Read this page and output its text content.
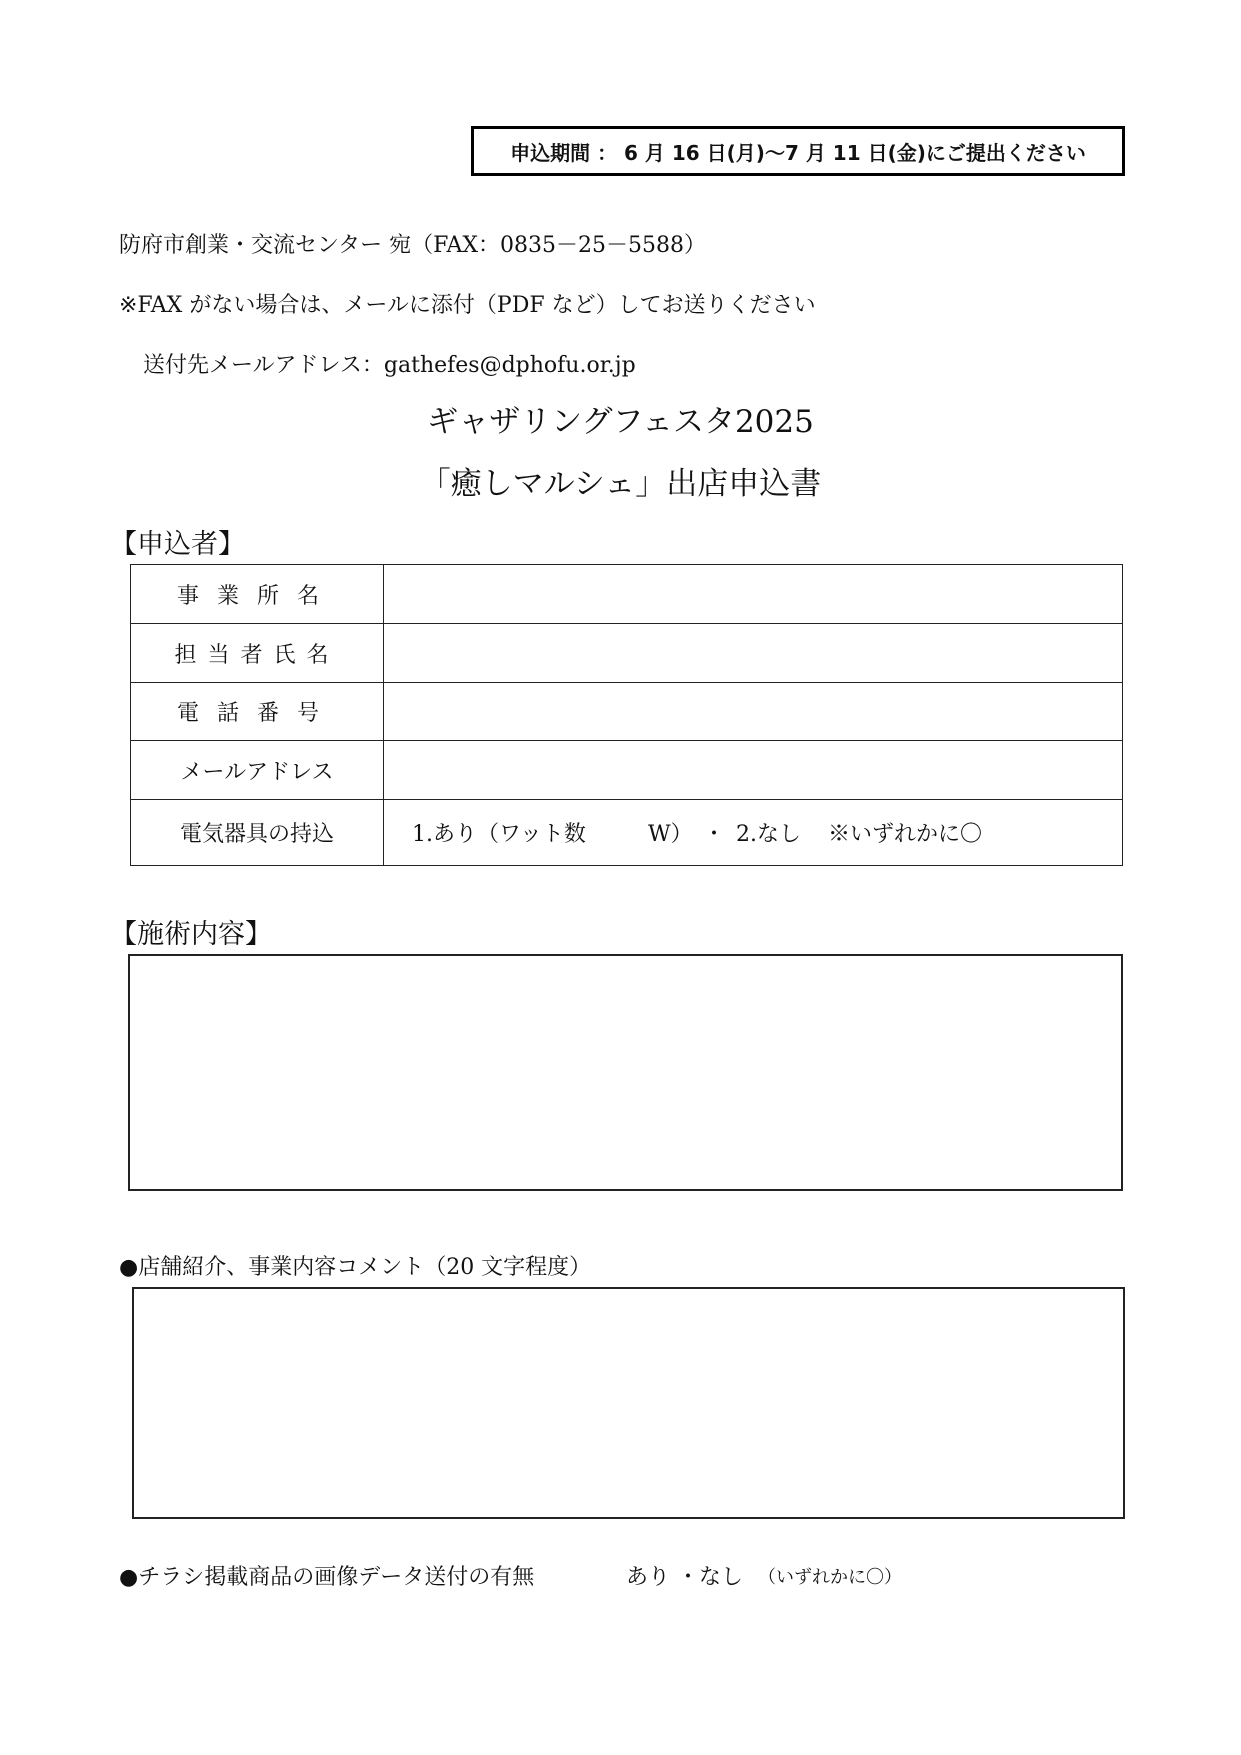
申込期間 ： 6 月 16 日(月)～7 月 11 日(金)にご提出ください
防府市創業・交流センター 宛（FAX：0835－25－5588）
※FAX がない場合は、メールに添付（PDF など）してお送りください
送付先メールアドレス：gathefes@dphofu.or.jp
ギャザリングフェスタ2025
「癒しマルシェ」出店申込書
【申込者】
事業所名	
担当者氏名	
電話番号	
メールアドレス	
電気器具の持込	1.あり（ワット数 W） ・ 2.なし ※いずれかに〇
【施術内容】
●店舗紹介、事業内容コメント（20 文字程度）
●チラシ掲載商品の画像データ送付の有無	あり ・なし （いずれかに〇）
